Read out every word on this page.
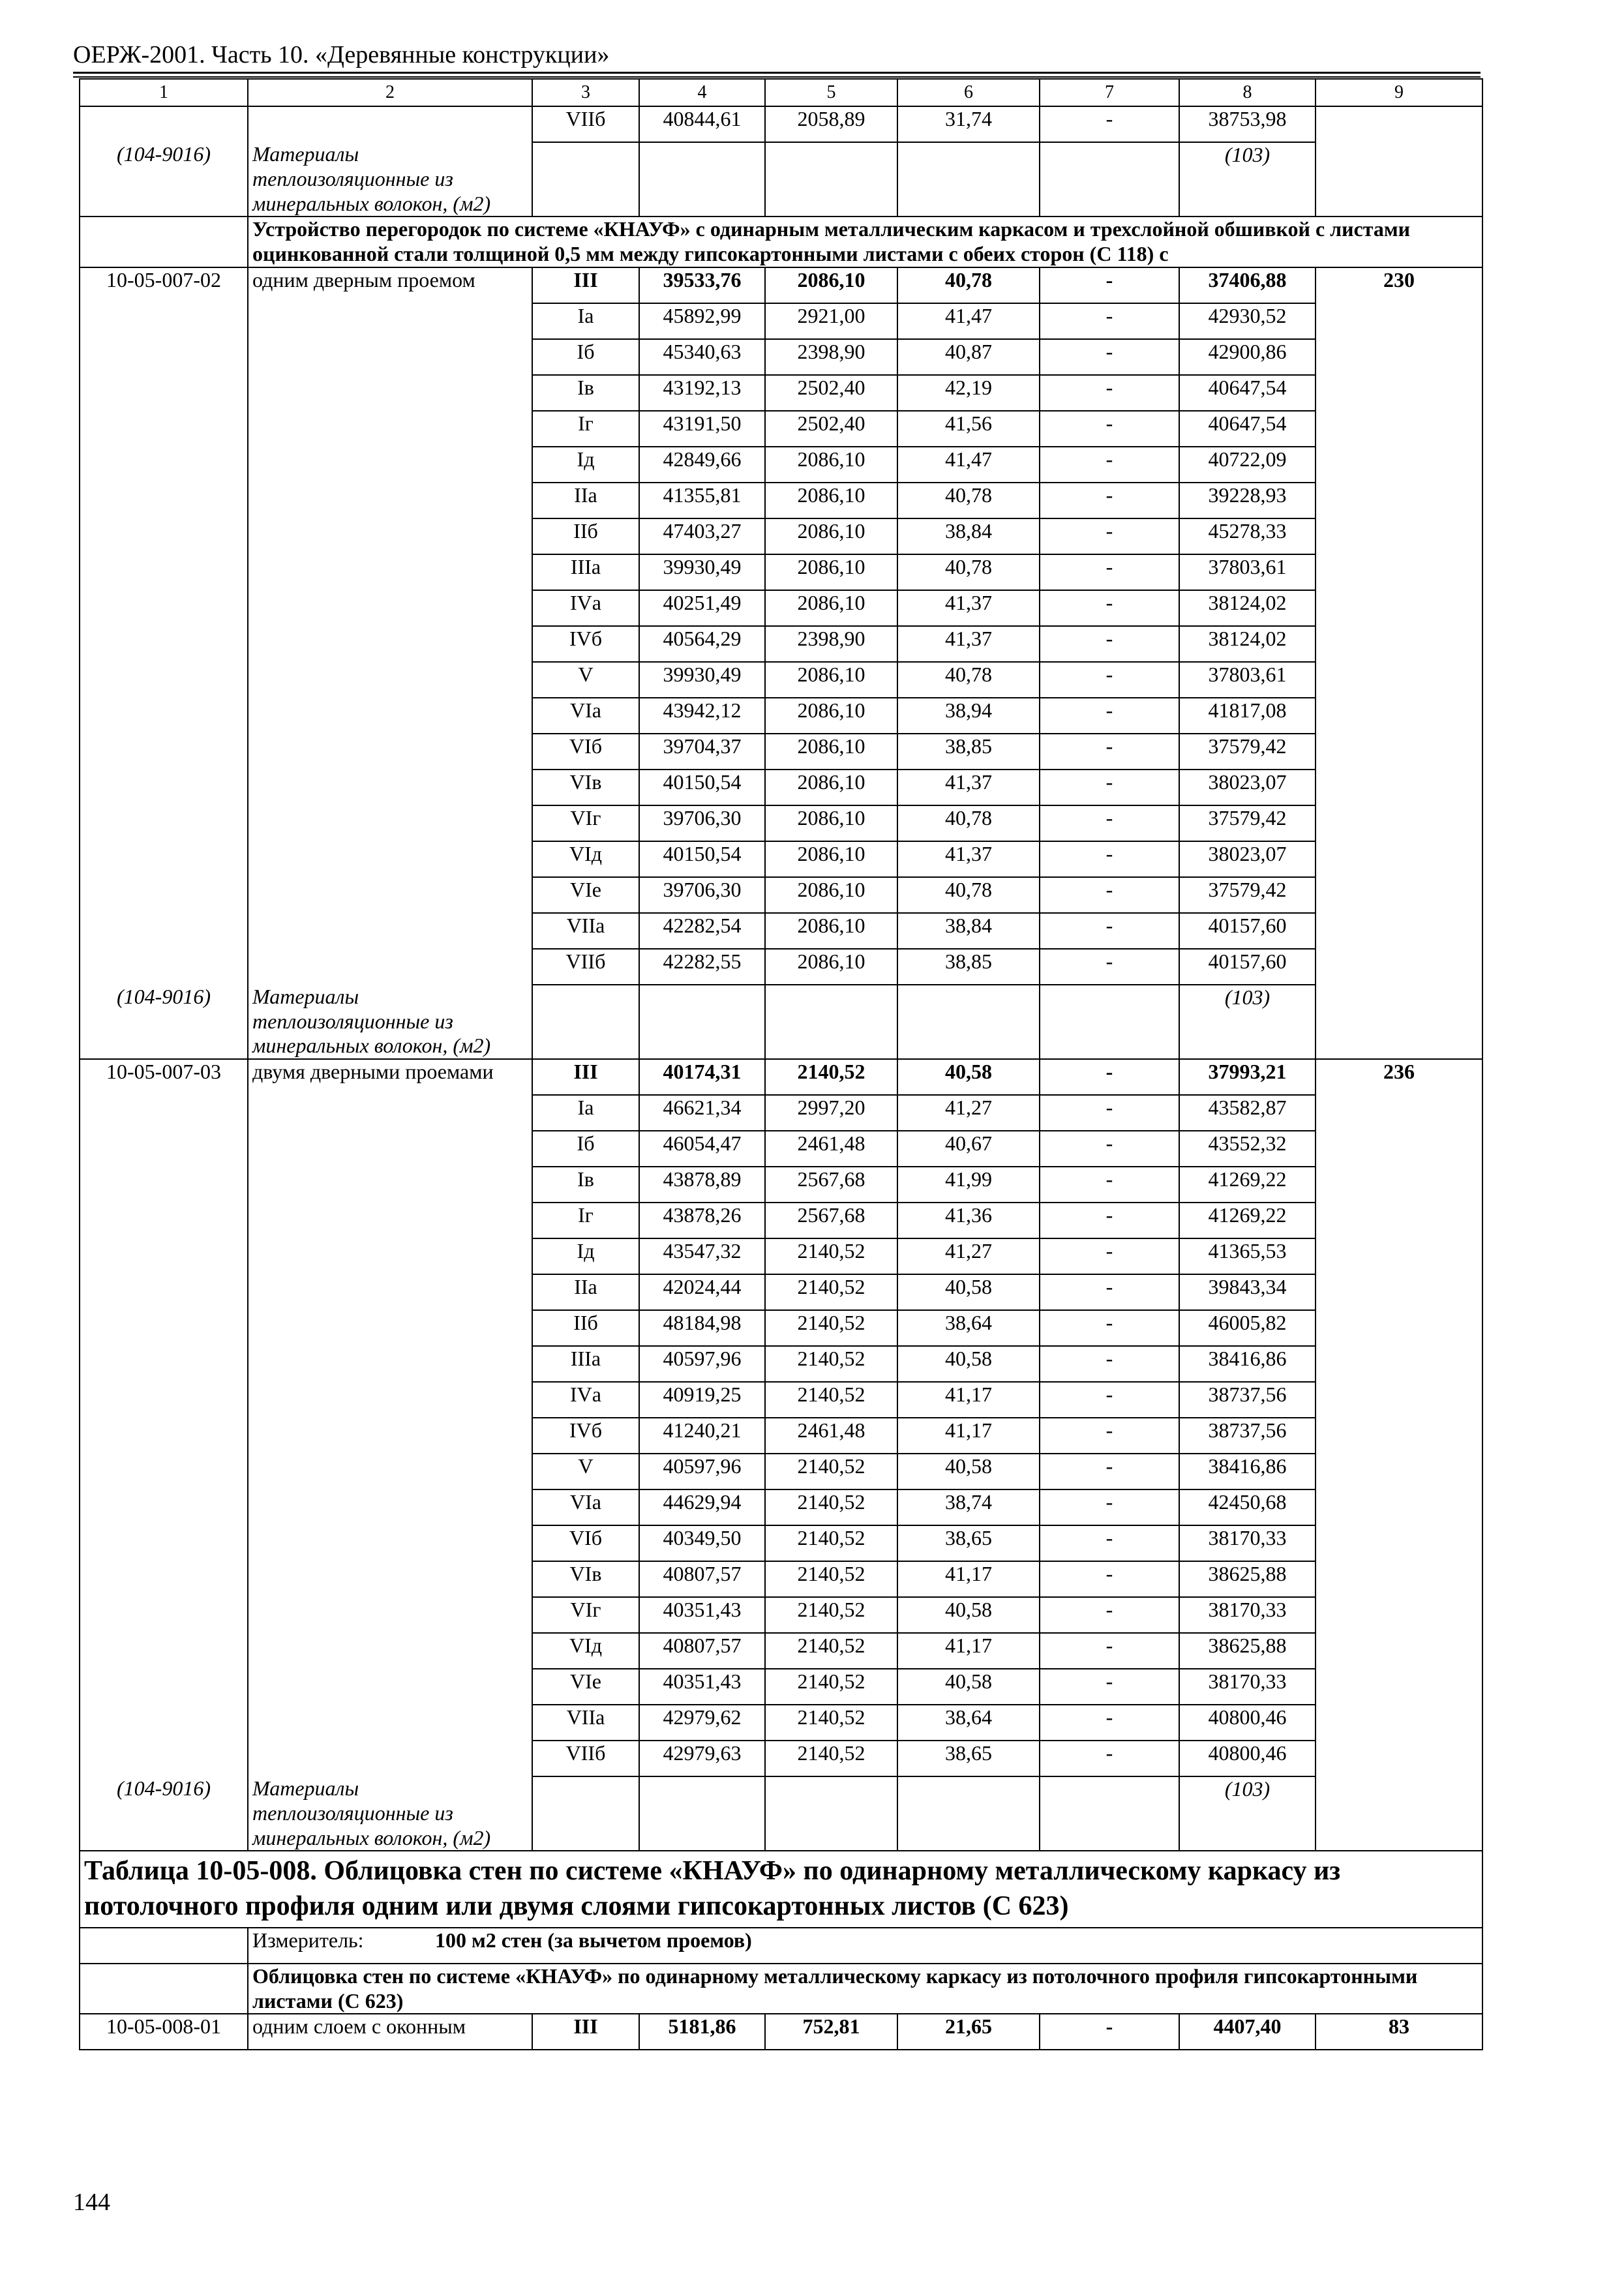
ОЕРЖ-2001. Часть 10. «Деревянные конструкции»
1	2	3	4	5	6	7	8	9
		VIIб	40844,61	2058,89	31,74	-	38753,98	
(104-9016)	Материалы теплоизоляционные из минеральных волокон, (м2)						(103)	
	Устройство перегородок по системе «КНАУФ» с одинарным металлическим каркасом и трехслойной обшивкой с листами оцинкованной стали толщиной 0,5 мм между гипсокартонными листами с обеих сторон (С 118) с							
10-05-007-02	одним дверным проемом	III	39533,76	2086,10	40,78	-	37406,88	230
		Iа	45892,99	2921,00	41,47	-	42930,52	
		Iб	45340,63	2398,90	40,87	-	42900,86	
		Iв	43192,13	2502,40	42,19	-	40647,54	
		Iг	43191,50	2502,40	41,56	-	40647,54	
		Iд	42849,66	2086,10	41,47	-	40722,09	
		IIа	41355,81	2086,10	40,78	-	39228,93	
		IIб	47403,27	2086,10	38,84	-	45278,33	
		IIIа	39930,49	2086,10	40,78	-	37803,61	
		IVа	40251,49	2086,10	41,37	-	38124,02	
		IVб	40564,29	2398,90	41,37	-	38124,02	
		V	39930,49	2086,10	40,78	-	37803,61	
		VIа	43942,12	2086,10	38,94	-	41817,08	
		VIб	39704,37	2086,10	38,85	-	37579,42	
		VIв	40150,54	2086,10	41,37	-	38023,07	
		VIг	39706,30	2086,10	40,78	-	37579,42	
		VIд	40150,54	2086,10	41,37	-	38023,07	
		VIе	39706,30	2086,10	40,78	-	37579,42	
		VIIа	42282,54	2086,10	38,84	-	40157,60	
		VIIб	42282,55	2086,10	38,85	-	40157,60	
(104-9016)	Материалы теплоизоляционные из минеральных волокон, (м2)						(103)	
10-05-007-03	двумя дверными проемами	III	40174,31	2140,52	40,58	-	37993,21	236
		Iа	46621,34	2997,20	41,27	-	43582,87	
		Iб	46054,47	2461,48	40,67	-	43552,32	
		Iв	43878,89	2567,68	41,99	-	41269,22	
		Iг	43878,26	2567,68	41,36	-	41269,22	
		Iд	43547,32	2140,52	41,27	-	41365,53	
		IIа	42024,44	2140,52	40,58	-	39843,34	
		IIб	48184,98	2140,52	38,64	-	46005,82	
		IIIа	40597,96	2140,52	40,58	-	38416,86	
		IVа	40919,25	2140,52	41,17	-	38737,56	
		IVб	41240,21	2461,48	41,17	-	38737,56	
		V	40597,96	2140,52	40,58	-	38416,86	
		VIа	44629,94	2140,52	38,74	-	42450,68	
		VIб	40349,50	2140,52	38,65	-	38170,33	
		VIв	40807,57	2140,52	41,17	-	38625,88	
		VIг	40351,43	2140,52	40,58	-	38170,33	
		VIд	40807,57	2140,52	41,17	-	38625,88	
		VIе	40351,43	2140,52	40,58	-	38170,33	
		VIIа	42979,62	2140,52	38,64	-	40800,46	
		VIIб	42979,63	2140,52	38,65	-	40800,46	
(104-9016)	Материалы теплоизоляционные из минеральных волокон, (м2)						(103)	
Таблица 10-05-008. Облицовка стен по системе «КНАУФ» по одинарному металлическому каркасу из потолочного профиля одним или двумя слоями гипсокартонных листов (С 623)								
	Измеритель: 100 м2 стен (за вычетом проемов)							
	Облицовка стен по системе «КНАУФ» по одинарному металлическому каркасу из потолочного профиля гипсокартонными листами (С 623)							
10-05-008-01	одним слоем с оконным	III	5181,86	752,81	21,65	-	4407,40	83
144
